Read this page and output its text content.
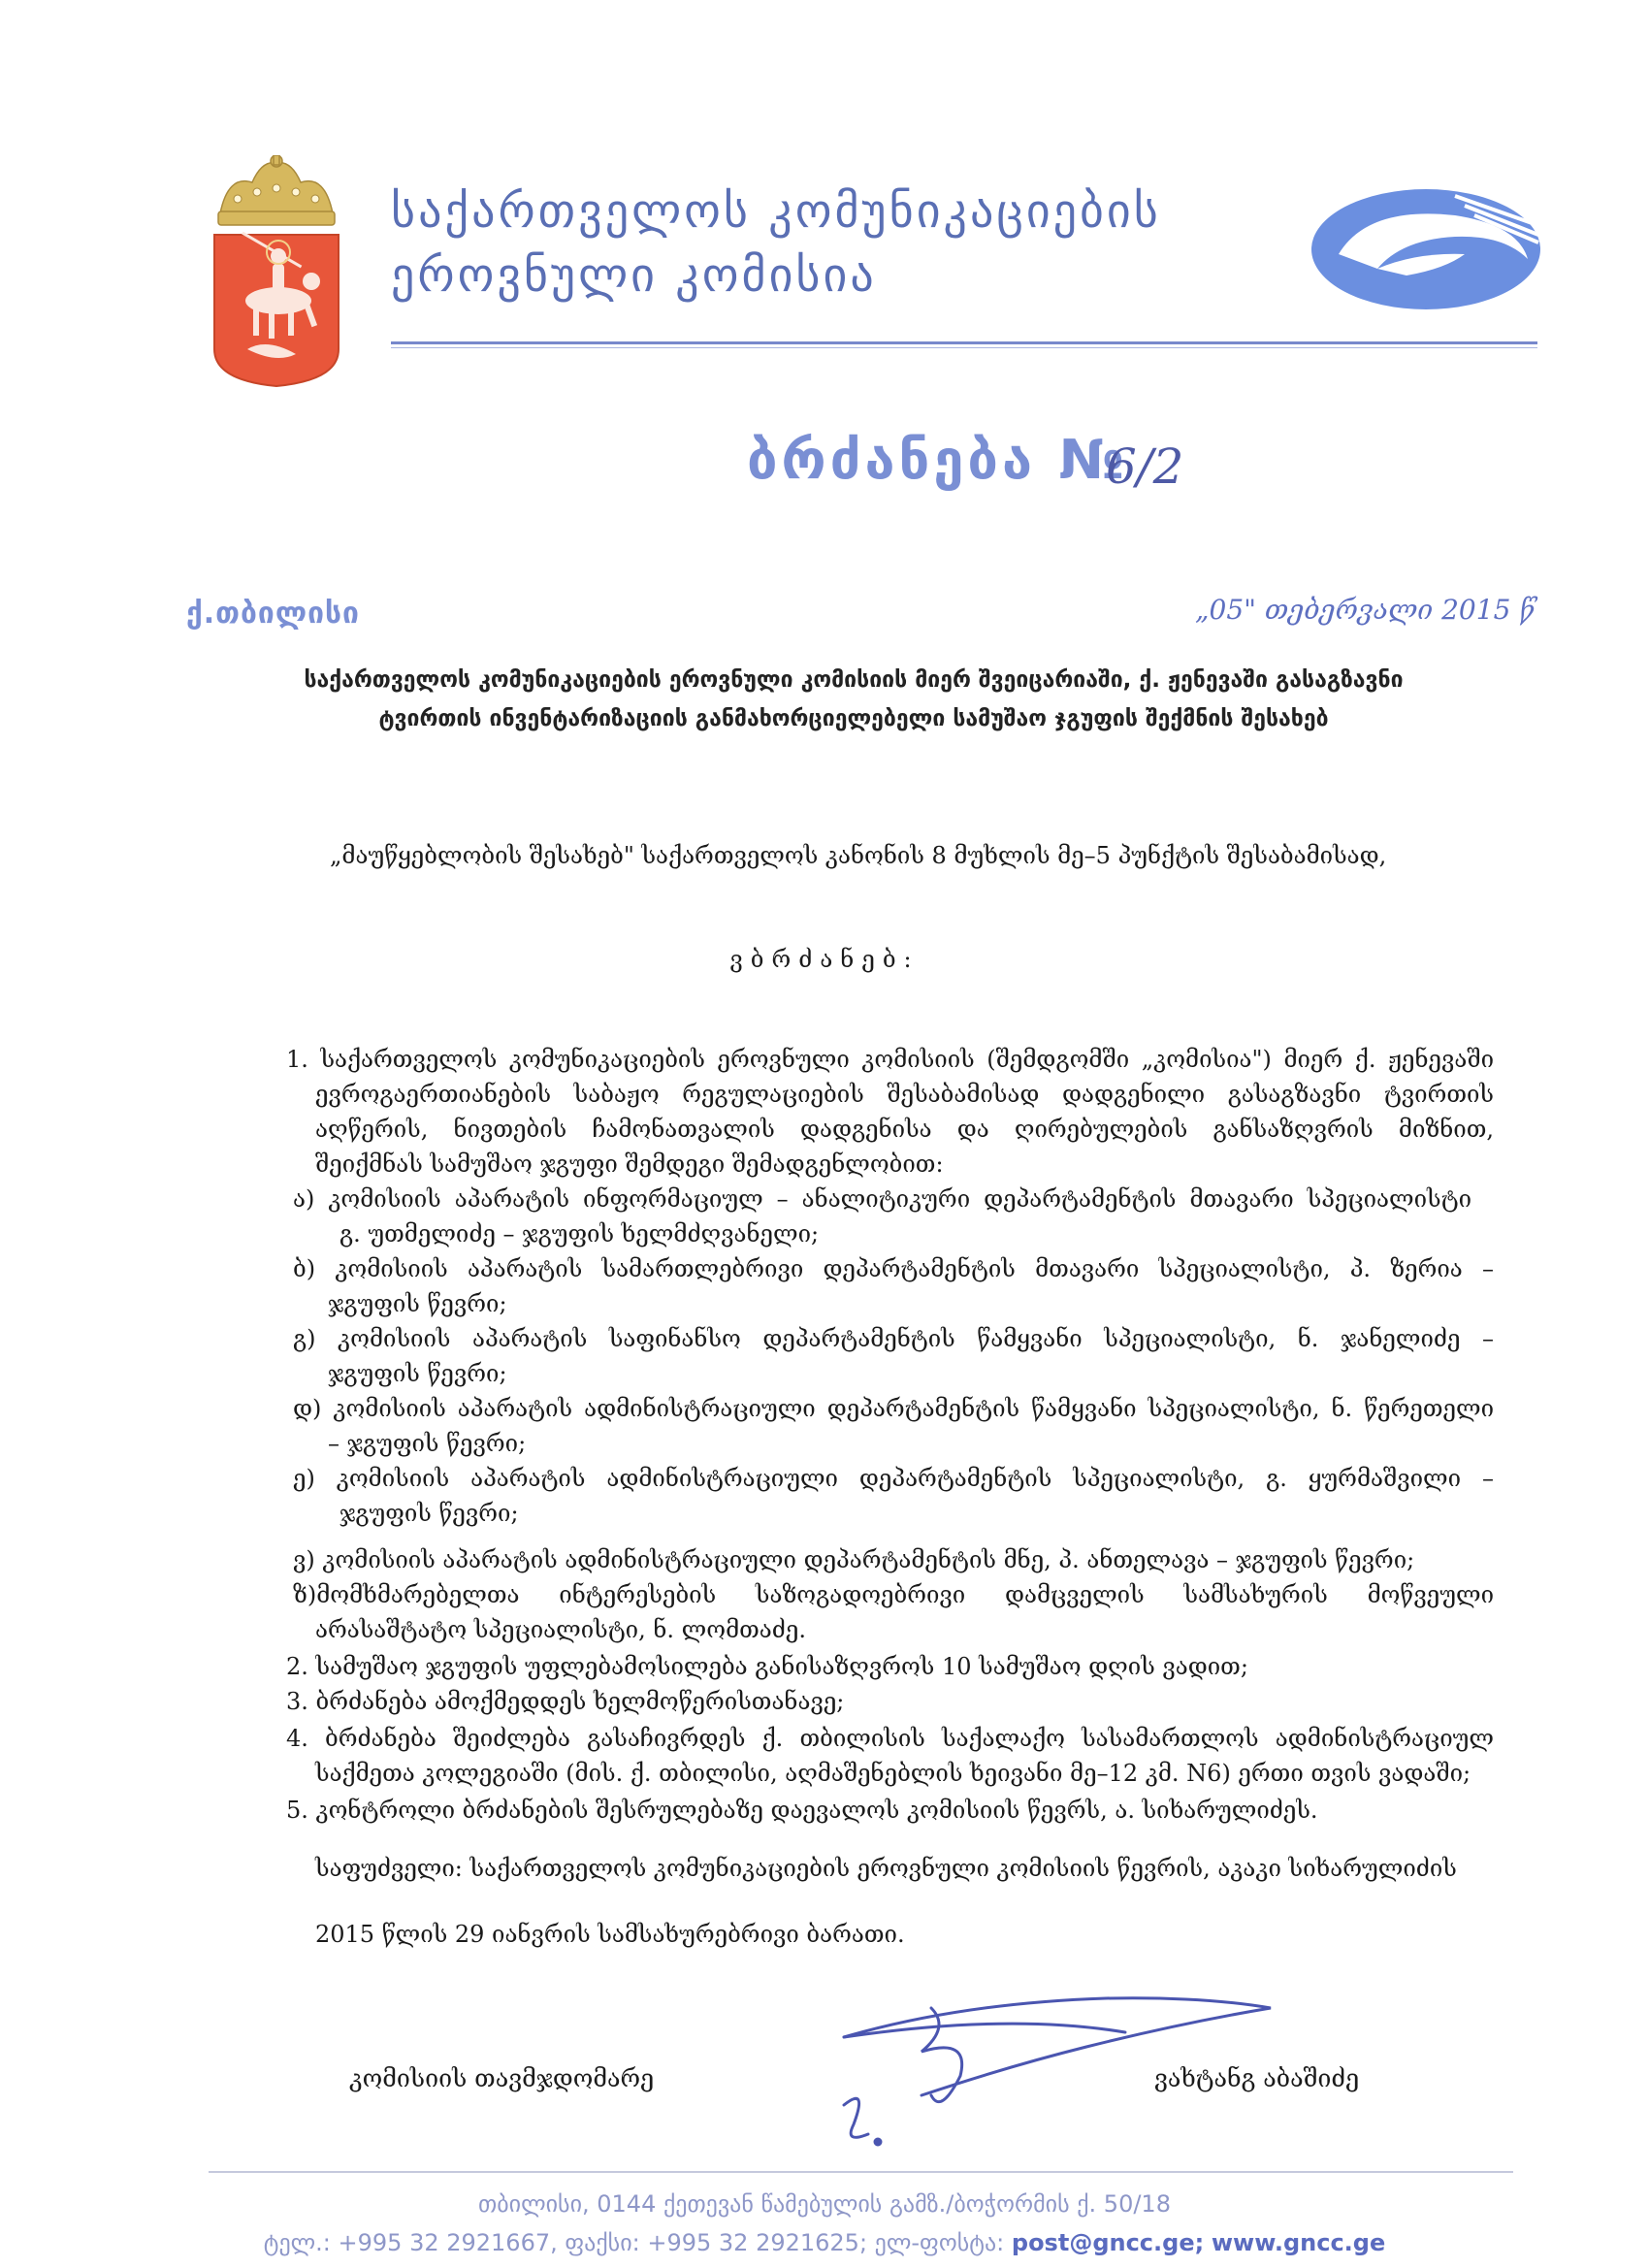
საქართველოს კომუნიკაციების
ეროვნული კომისია
ბრძანება №
6/2
ქ.თბილისი	„05" თებერვალი 2015 წ
საქართველოს კომუნიკაციების ეროვნული კომისიის მიერ შვეიცარიაში, ქ. ჟენევაში გასაგზავნი
ტვირთის ინვენტარიზაციის განმახორციელებელი სამუშაო ჯგუფის შექმნის შესახებ
„მაუწყებლობის შესახებ" საქართველოს კანონის 8 მუხლის მე–5 პუნქტის შესაბამისად,
ვბრძანებ:
1. საქართველოს კომუნიკაციების ეროვნული კომისიის (შემდგომში „კომისია") მიერ ქ. ჟენევაში
ევროგაერთიანების საბაჟო რეგულაციების შესაბამისად დადგენილი გასაგზავნი ტვირთის
აღწერის, ნივთების ჩამონათვალის დადგენისა და ღირებულების განსაზღვრის მიზნით,
შეიქმნას სამუშაო ჯგუფი შემდეგი შემადგენლობით:
ა) კომისიის აპარატის ინფორმაციულ – ანალიტიკური დეპარტამენტის მთავარი სპეციალისტი
გ. უთმელიძე – ჯგუფის ხელმძღვანელი;
ბ) კომისიის აპარატის სამართლებრივი დეპარტამენტის მთავარი სპეციალისტი, პ. ზერია –
ჯგუფის წევრი;
გ) კომისიის აპარატის საფინანსო დეპარტამენტის წამყვანი სპეციალისტი, ნ. ჯანელიძე –
ჯგუფის წევრი;
დ) კომისიის აპარატის ადმინისტრაციული დეპარტამენტის წამყვანი სპეციალისტი, ნ. წერეთელი
– ჯგუფის წევრი;
ე) კომისიის აპარატის ადმინისტრაციული დეპარტამენტის სპეციალისტი, გ. ყურმაშვილი –
ჯგუფის წევრი;
ვ) კომისიის აპარატის ადმინისტრაციული დეპარტამენტის მნე, პ. ანთელავა – ჯგუფის წევრი;
ზ)მომხმარებელთა ინტერესების საზოგადოებრივი დამცველის სამსახურის მოწვეული
არასაშტატო სპეციალისტი, ნ. ლომთაძე.
2. სამუშაო ჯგუფის უფლებამოსილება განისაზღვროს 10 სამუშაო დღის ვადით;
3. ბრძანება ამოქმედდეს ხელმოწერისთანავე;
4. ბრძანება შეიძლება გასაჩივრდეს ქ. თბილისის საქალაქო სასამართლოს ადმინისტრაციულ
საქმეთა კოლეგიაში (მის. ქ. თბილისი, აღმაშენებლის ხეივანი მე–12 კმ. N6) ერთი თვის ვადაში;
5. კონტროლი ბრძანების შესრულებაზე დაევალოს კომისიის წევრს, ა. სიხარულიძეს.
საფუძველი: საქართველოს კომუნიკაციების ეროვნული კომისიის წევრის, აკაკი სიხარულიძის
2015 წლის 29 იანვრის სამსახურებრივი ბარათი.
კომისიის თავმჯდომარე	ვახტანგ აბაშიძე
თბილისი, 0144 ქეთევან წამებულის გამზ./ბოჭორმის ქ. 50/18
ტელ.: +995 32 2921667, ფაქსი: +995 32 2921625; ელ-ფოსტა: post@gncc.ge; www.gncc.ge
